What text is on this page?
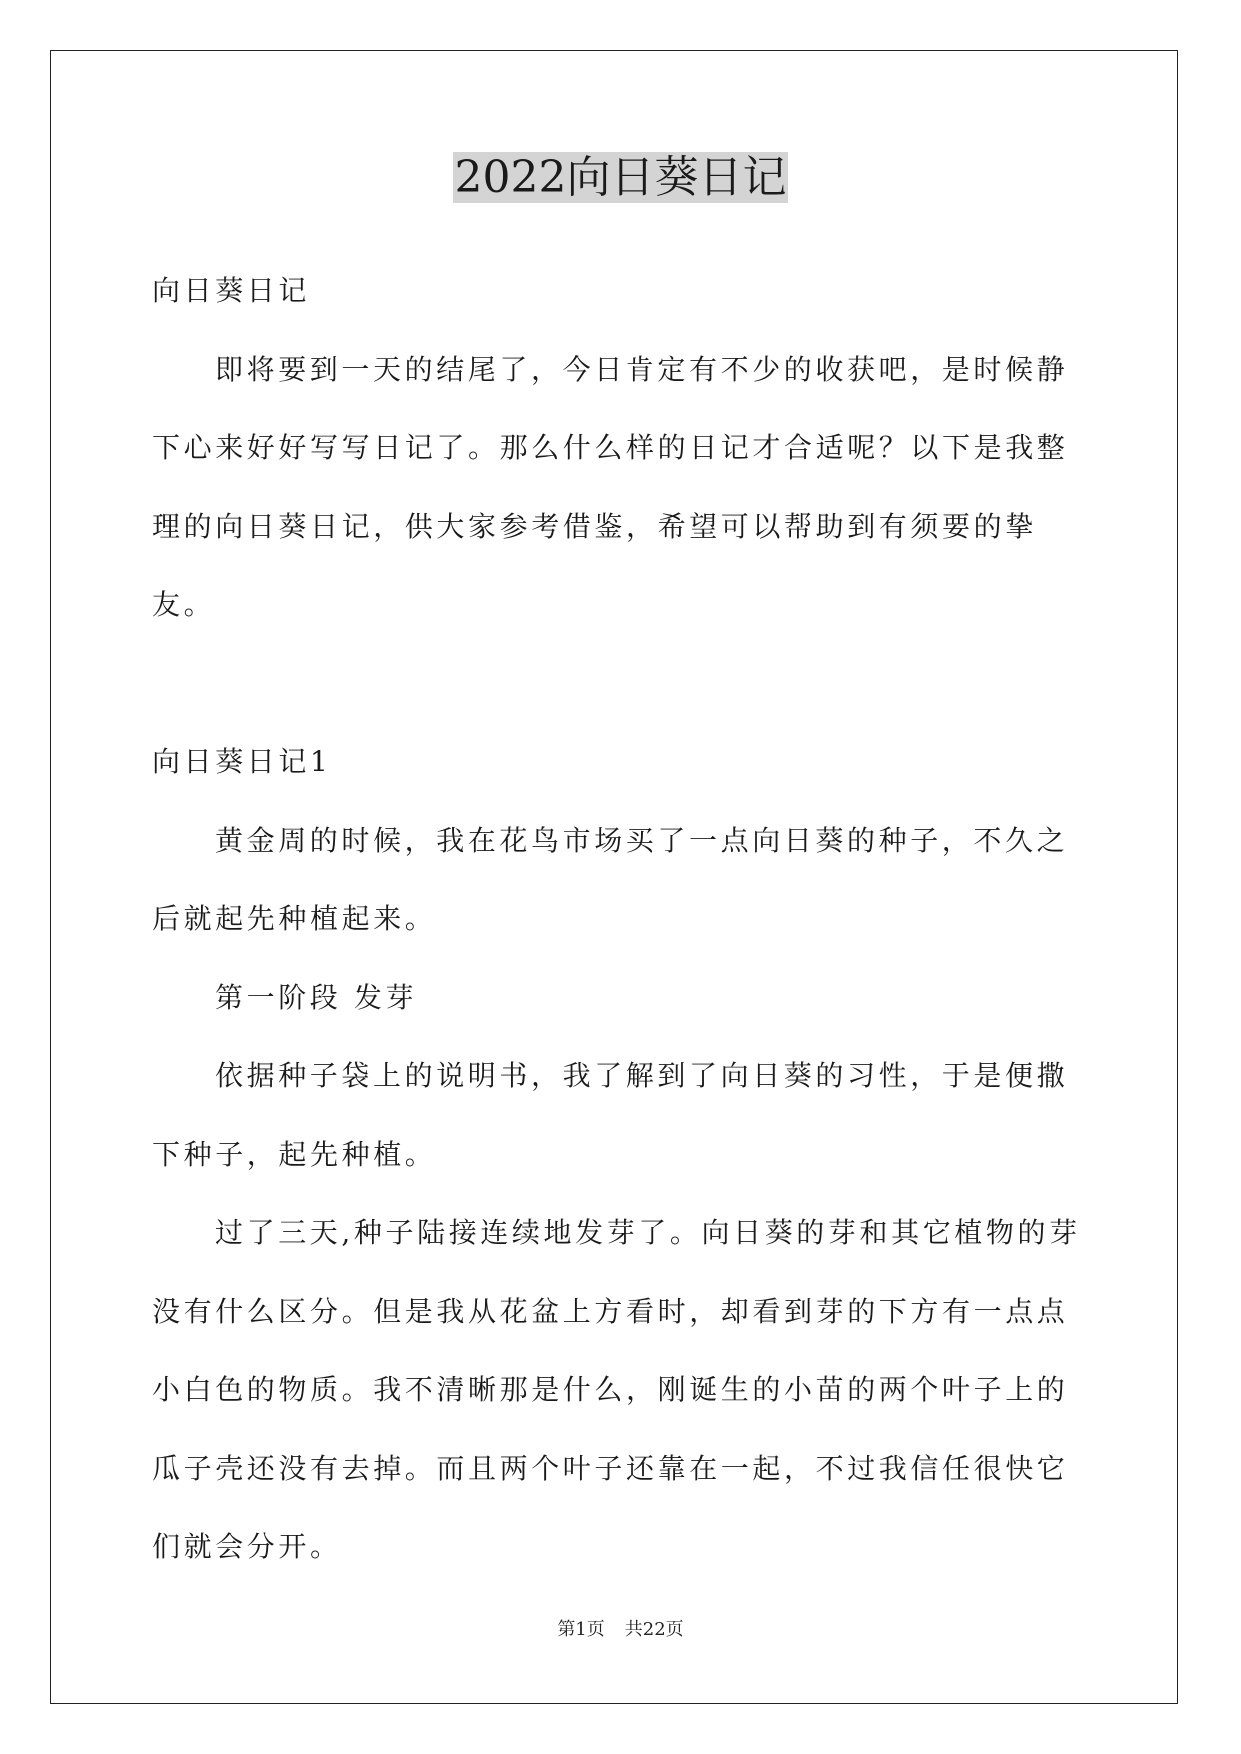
2022向日葵日记

向日葵日记

即将要到一天的结尾了，今日肯定有不少的收获吧，是时候静下心来好好写写日记了。那么什么样的日记才合适呢？以下是我整理的向日葵日记，供大家参考借鉴，希望可以帮助到有须要的挚友。

向日葵日记1

黄金周的时候，我在花鸟市场买了一点向日葵的种子，不久之后就起先种植起来。

第一阶段 发芽

依据种子袋上的说明书，我了解到了向日葵的习性，于是便撒下种子，起先种植。

过了三天,种子陆接连续地发芽了。向日葵的芽和其它植物的芽没有什么区分。但是我从花盆上方看时，却看到芽的下方有一点点小白色的物质。我不清晰那是什么，刚诞生的小苗的两个叶子上的瓜子壳还没有去掉。而且两个叶子还靠在一起，不过我信任很快它们就会分开。

第1页 共22页
